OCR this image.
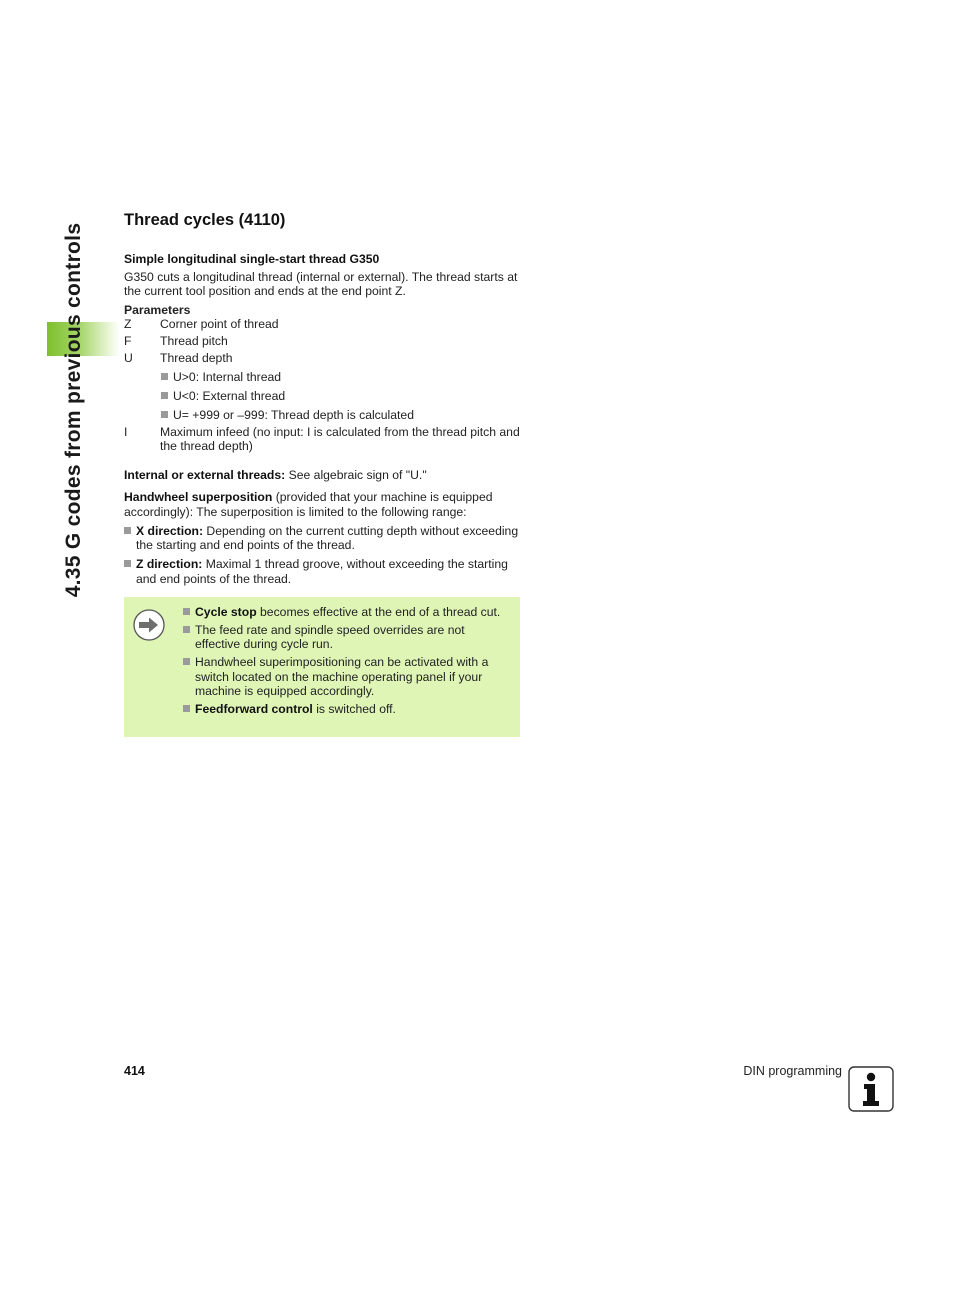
4.35 G codes from previous controls
Thread cycles (4110)
Simple longitudinal single-start thread G350

G350 cuts a longitudinal thread (internal or external). The thread starts at the current tool position and ends at the end point Z.

Parameters
Z	Corner point of thread
F	Thread pitch
U	Thread depth
U>0: Internal thread
U<0: External thread
U= +999 or –999: Thread depth is calculated
I	Maximum infeed (no input: I is calculated from the thread pitch and the thread depth)

Internal or external threads: See algebraic sign of "U."

Handwheel superposition (provided that your machine is equipped accordingly): The superposition is limited to the following range:

X direction: Depending on the current cutting depth without exceeding the starting and end points of the thread.
Z direction: Maximal 1 thread groove, without exceeding the starting and end points of the thread.
Cycle stop becomes effective at the end of a thread cut.
The feed rate and spindle speed overrides are not effective during cycle run.
Handwheel superimpositioning can be activated with a switch located on the machine operating panel if your machine is equipped accordingly.
Feedforward control is switched off.
414	DIN programming
